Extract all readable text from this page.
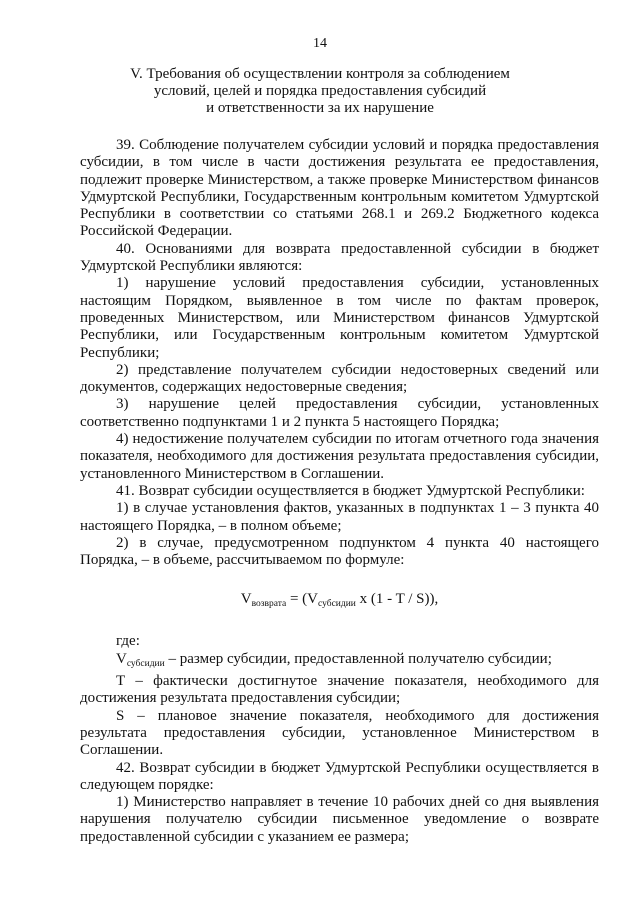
14
V. Требования об осуществлении контроля за соблюдением
условий, целей и порядка предоставления субсидий
и ответственности за их нарушение

39. Соблюдение получателем субсидии условий и порядка предоставления субсидии, в том числе в части достижения результата ее предоставления, подлежит проверке Министерством, а также проверке Министерством финансов Удмуртской Республики, Государственным контрольным комитетом Удмуртской Республики в соответствии со статьями 268.1 и 269.2 Бюджетного кодекса Российской Федерации.

40. Основаниями для возврата предоставленной субсидии в бюджет Удмуртской Республики являются:

1) нарушение условий предоставления субсидии, установленных настоящим Порядком, выявленное в том числе по фактам проверок, проведенных Министерством, или Министерством финансов Удмуртской Республики, или Государственным контрольным комитетом Удмуртской Республики;

2) представление получателем субсидии недостоверных сведений или документов, содержащих недостоверные сведения;

3) нарушение целей предоставления субсидии, установленных соответственно подпунктами 1 и 2 пункта 5 настоящего Порядка;

4) недостижение получателем субсидии по итогам отчетного года значения показателя, необходимого для достижения результата предоставления субсидии, установленного Министерством в Соглашении.

41. Возврат субсидии осуществляется в бюджет Удмуртской Республики:

1) в случае установления фактов, указанных в подпунктах 1 – 3 пункта 40 настоящего Порядка, – в полном объеме;

2) в случае, предусмотренном подпунктом 4 пункта 40 настоящего Порядка, – в объеме, рассчитываемом по формуле:

$V_{возврата} = (V_{субсидии}$ x (1 - T / S)),

где:

$V_{субсидии}$ – размер субсидии, предоставленной получателю субсидии;

Т – фактически достигнутое значение показателя, необходимого для достижения результата предоставления субсидии;

S – плановое значение показателя, необходимого для достижения результата предоставления субсидии, установленное Министерством в Соглашении.

42. Возврат субсидии в бюджет Удмуртской Республики осуществляется в следующем порядке:

1) Министерство направляет в течение 10 рабочих дней со дня выявления нарушения получателю субсидии письменное уведомление о возврате предоставленной субсидии с указанием ее размера;
